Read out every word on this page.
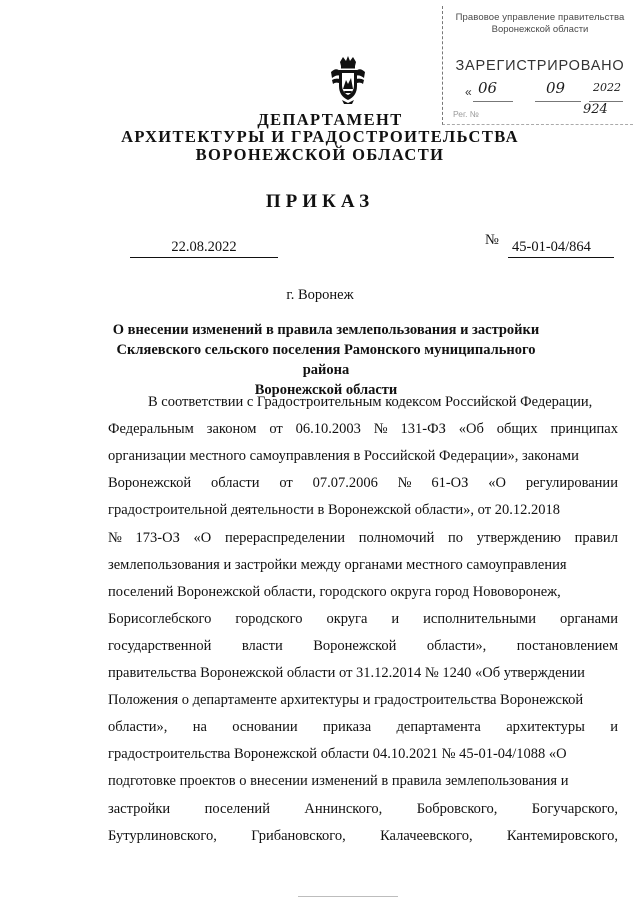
Правовое управление правительства
Воронежской области
ЗАРЕГИСТРИРОВАНО
« 06	09	2022
Рег. №	924
ДЕПАРТАМЕНТ
АРХИТЕКТУРЫ И ГРАДОСТРОИТЕЛЬСТВА
ВОРОНЕЖСКОЙ ОБЛАСТИ
ПРИКАЗ
22.08.2022	№ 45-01-04/864
г. Воронеж
О внесении изменений в правила землепользования и застройки
Скляевского сельского поселения Рамонского муниципального района
Воронежской области
В соответствии с Градостроительным кодексом Российской Федерации,
Федеральным законом от 06.10.2003 № 131-ФЗ «Об общих принципах
организации местного самоуправления в Российской Федерации», законами
Воронежской области от 07.07.2006 № 61-ОЗ «О регулировании
градостроительной деятельности в Воронежской области», от 20.12.2018
№ 173-ОЗ «О перераспределении полномочий по утверждению правил
землепользования и застройки между органами местного самоуправления
поселений Воронежской области, городского округа город Нововоронеж,
Борисоглебского городского округа и исполнительными органами
государственной власти Воронежской области», постановлением
правительства Воронежской области от 31.12.2014 № 1240 «Об утверждении
Положения о департаменте архитектуры и градостроительства Воронежской
области», на основании приказа департамента архитектуры и
градостроительства Воронежской области 04.10.2021 № 45-01-04/1088 «О
подготовке проектов о внесении изменений в правила землепользования и
застройки поселений Аннинского, Бобровского, Богучарского,
Бутурлиновского, Грибановского, Калачеевского, Кантемировского,
